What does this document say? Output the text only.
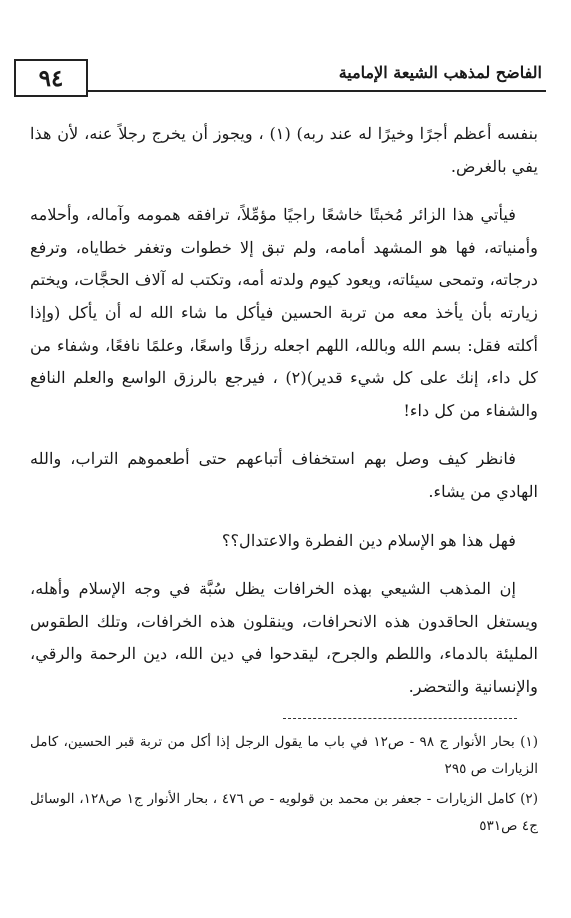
٩٤	الفاضح لمذهب الشيعة الإمامية

بنفسه أعظم أجرًا وخيرًا له عند ربه) (١) ، ويجوز أن يخرج رجلاً عنه، لأن هذا يفي بالغرض.

فيأتي هذا الزائر مُخبتًا خاشعًا راجيًا مؤمِّلاً، ترافقه همومه وآماله، وأحلامه وأمنياته، فها هو المشهد أمامه، ولم تبق إلا خطوات وتغفر خطاياه، وترفع درجاته، وتمحى سيئاته، ويعود كيوم ولدته أمه، وتكتب له آلاف الحجَّات، ويختم زيارته بأن يأخذ معه من تربة الحسين فيأكل ما شاء الله له أن يأكل (وإذا أكلته فقل: بسم الله وبالله، اللهم اجعله رزقًا واسعًا، وعلمًا نافعًا، وشفاء من كل داء، إنك على كل شيء قدير)(٢) ، فيرجع بالرزق الواسع والعلم النافع والشفاء من كل داء!

فانظر كيف وصل بهم استخفاف أتباعهم حتى أطعموهم التراب، والله الهادي من يشاء.

فهل هذا هو الإسلام دين الفطرة والاعتدال؟؟

إن المذهب الشيعي بهذه الخرافات يظل سُبَّة في وجه الإسلام وأهله، ويستغل الحاقدون هذه الانحرافات، وينقلون هذه الخرافات، وتلك الطقوس المليئة بالدماء، واللطم والجرح، ليقدحوا في دين الله، دين الرحمة والرقي، والإنسانية والتحضر.

(١) بحار الأنوار ج ٩٨ - ص١٢ في باب ما يقول الرجل إذا أكل من تربة قبر الحسين، كامل الزيارات ص ٢٩٥

(٢) كامل الزيارات - جعفر بن محمد بن قولويه - ص ٤٧٦ ، بحار الأنوار ج١ ص١٢٨، الوسائل ج٤ ص٥٣١
